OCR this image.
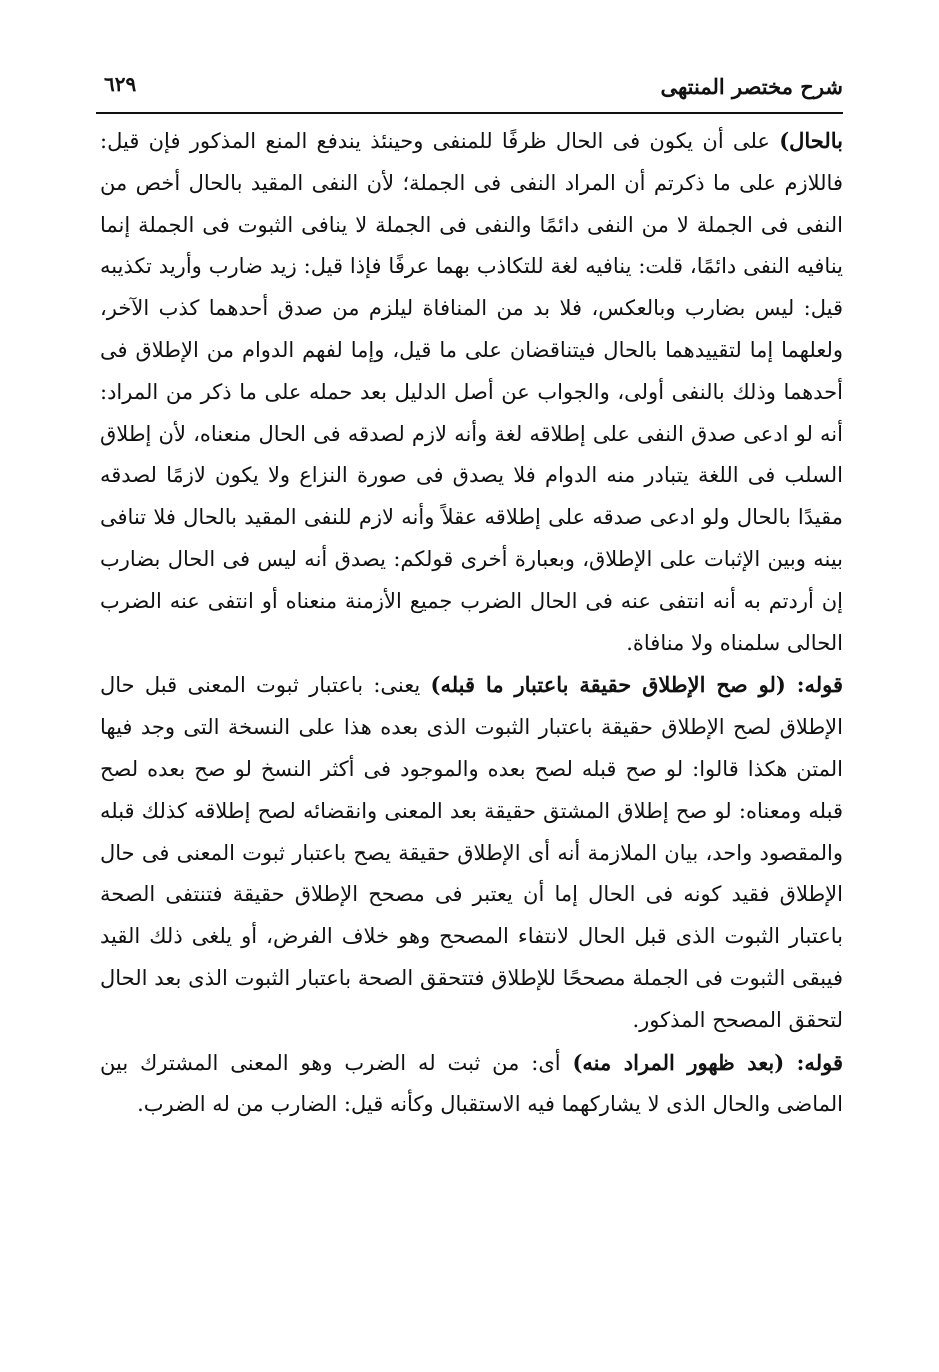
شرح مختصر المنتهى
٦٢٩

بالحال) على أن يكون فى الحال ظرفًا للمنفى وحينئذ يندفع المنع المذكور فإن قيل: فاللازم على ما ذكرتم أن المراد النفى فى الجملة؛ لأن النفى المقيد بالحال أخص من النفى فى الجملة لا من النفى دائمًا والنفى فى الجملة لا ينافى الثبوت فى الجملة إنما ينافيه النفى دائمًا، قلت: ينافيه لغة للتكاذب بهما عرفًا فإذا قيل: زيد ضارب وأريد تكذيبه قيل: ليس بضارب وبالعكس، فلا بد من المنافاة ليلزم من صدق أحدهما كذب الآخر، ولعلهما إما لتقييدهما بالحال فيتناقضان على ما قيل، وإما لفهم الدوام من الإطلاق فى أحدهما وذلك بالنفى أولى، والجواب عن أصل الدليل بعد حمله على ما ذكر من المراد: أنه لو ادعى صدق النفى على إطلاقه لغة وأنه لازم لصدقه فى الحال منعناه، لأن إطلاق السلب فى اللغة يتبادر منه الدوام فلا يصدق فى صورة النزاع ولا يكون لازمًا لصدقه مقيدًا بالحال ولو ادعى صدقه على إطلاقه عقلاً وأنه لازم للنفى المقيد بالحال فلا تنافى بينه وبين الإثبات على الإطلاق، وبعبارة أخرى قولكم: يصدق أنه ليس فى الحال بضارب إن أردتم به أنه انتفى عنه فى الحال الضرب جميع الأزمنة منعناه أو انتفى عنه الضرب الحالى سلمناه ولا منافاة.

قوله: (لو صح الإطلاق حقيقة باعتبار ما قبله) يعنى: باعتبار ثبوت المعنى قبل حال الإطلاق لصح الإطلاق حقيقة باعتبار الثبوت الذى بعده هذا على النسخة التى وجد فيها المتن هكذا قالوا: لو صح قبله لصح بعده والموجود فى أكثر النسخ لو صح بعده لصح قبله ومعناه: لو صح إطلاق المشتق حقيقة بعد المعنى وانقضائه لصح إطلاقه كذلك قبله والمقصود واحد، بيان الملازمة أنه أى الإطلاق حقيقة يصح باعتبار ثبوت المعنى فى حال الإطلاق فقيد كونه فى الحال إما أن يعتبر فى مصحح الإطلاق حقيقة فتنتفى الصحة باعتبار الثبوت الذى قبل الحال لانتفاء المصحح وهو خلاف الفرض، أو يلغى ذلك القيد فيبقى الثبوت فى الجملة مصححًا للإطلاق فتتحقق الصحة باعتبار الثبوت الذى بعد الحال لتحقق المصحح المذكور.

قوله: (بعد ظهور المراد منه) أى: من ثبت له الضرب وهو المعنى المشترك بين الماضى والحال الذى لا يشاركهما فيه الاستقبال وكأنه قيل: الضارب من له الضرب.
